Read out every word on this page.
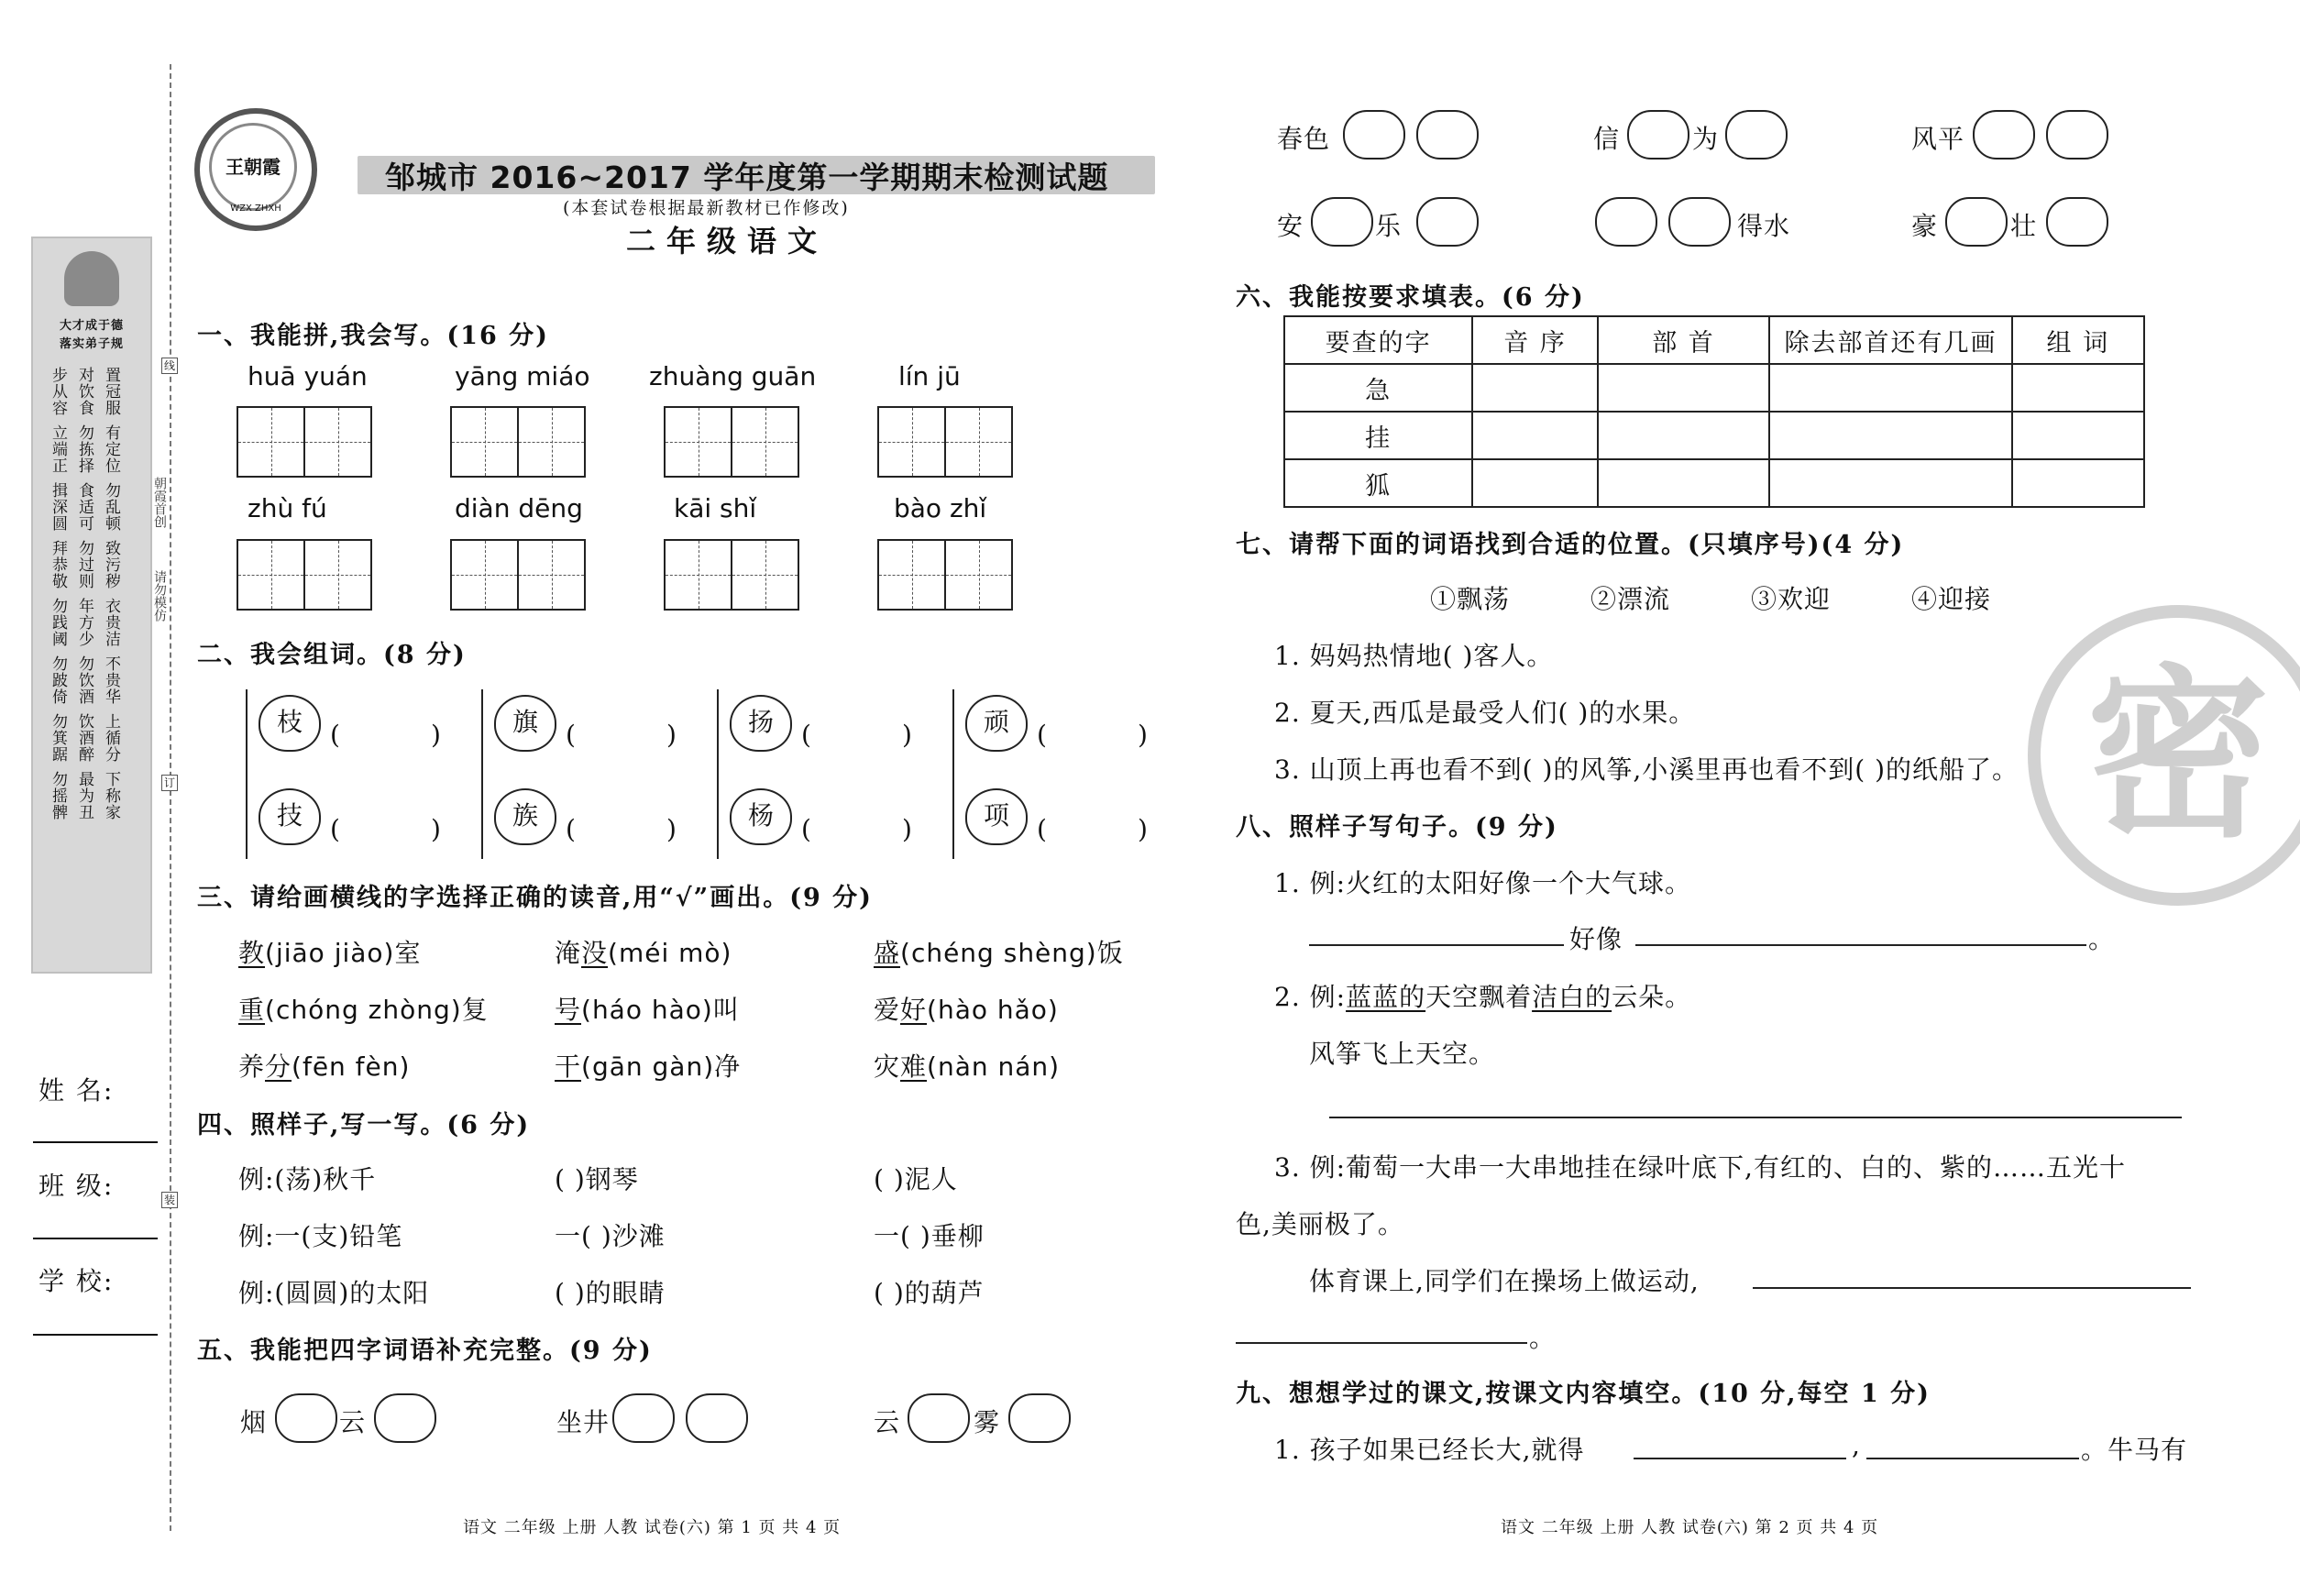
大才成于德
落实弟子规
步从容 对饮食 置冠服
立端正 勿拣择 有定位
揖深圆 食适可 勿乱顿
拜恭敬 勿过则 致污秽
勿践阈 年方少 衣贵洁
勿跛倚 勿饮酒 不贵华
勿箕踞 饮酒醉 上循分
勿摇髀 最为丑 下称家
姓 名:
班 级:
学 校:
线
订
装
朝霞首创
请勿模仿
王朝霞
WZX ZHXH
邹城市 2016~2017 学年度第一学期期末检测试题
(本套试卷根据最新教材已作修改)
二年级语文
一、我能拼,我会写。(16 分)
huā yuán	yāng miáo zhuàng guān	lín jū
zhù fú	diàn dēng	kāi shǐ	bào zhǐ
二、我会组词。(8 分)
枝	(	)
技	(	)
旗	(	)
族	(	)
扬	(	)
杨	(	)
顽	(	)
项	(	)
三、请给画横线的字选择正确的读音,用“√”画出。(9 分)
教(jiāo jiào)室	淹没(méi mò)	盛(chéng shèng)饭
重(chóng zhòng)复	号(háo hào)叫	爱好(hào hǎo)
养分(fēn fèn)	干(gān gàn)净	灾难(nàn nán)
四、照样子,写一写。(6 分)
例:(荡)秋千	( )钢琴	( )泥人
例:一(支)铅笔	一( )沙滩	一( )垂柳
例:(圆圆)的太阳	( )的眼睛	( )的葫芦
五、我能把四字词语补充完整。(9 分)
烟	云	坐井	云	雾
春色	信	为	风平
安	乐	得水	豪	壮
六、我能按要求填表。(6 分)
要查的字	音 序	部 首	除去部首还有几画	组 词
急				
挂				
狐				
七、请帮下面的词语找到合适的位置。(只填序号)(4 分)
①飘荡	②漂流	③欢迎	④迎接
1. 妈妈热情地( )客人。
2. 夏天,西瓜是最受人们( )的水果。
3. 山顶上再也看不到( )的风筝,小溪里再也看不到( )的纸船了。
八、照样子写句子。(9 分)
1. 例:火红的太阳好像一个大气球。
好像	。
2. 例:蓝蓝的天空飘着洁白的云朵。
风筝飞上天空。
3. 例:葡萄一大串一大串地挂在绿叶底下,有红的、白的、紫的……五光十
色,美丽极了。
体育课上,同学们在操场上做运动,
。
九、想想学过的课文,按课文内容填空。(10 分,每空 1 分)
1. 孩子如果已经长大,就得	,	。牛马有
密
语文 二年级 上册 人教 试卷(六) 第 1 页 共 4 页	语文 二年级 上册 人教 试卷(六) 第 2 页 共 4 页
